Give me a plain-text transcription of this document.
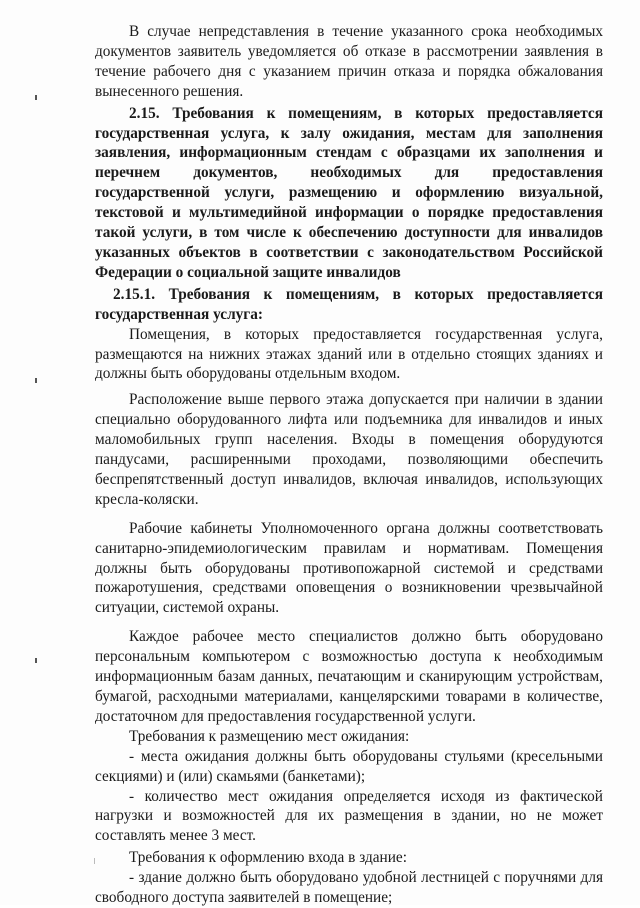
В случае непредставления в течение указанного срока необходимых документов заявитель уведомляется об отказе в рассмотрении заявления в течение рабочего дня с указанием причин отказа и порядка обжалования вынесенного решения.

2.15. Требования к помещениям, в которых предоставляется государственная услуга, к залу ожидания, местам для заполнения заявления, информационным стендам с образцами их заполнения и перечнем документов, необходимых для предоставления государственной услуги, размещению и оформлению визуальной, текстовой и мультимедийной информации о порядке предоставления такой услуги, в том числе к обеспечению доступности для инвалидов указанных объектов в соответствии с законодательством Российской Федерации о социальной защите инвалидов

2.15.1. Требования к помещениям, в которых предоставляется государственная услуга:

Помещения, в которых предоставляется государственная услуга, размещаются на нижних этажах зданий или в отдельно стоящих зданиях и должны быть оборудованы отдельным входом.

Расположение выше первого этажа допускается при наличии в здании специально оборудованного лифта или подъемника для инвалидов и иных маломобильных групп населения. Входы в помещения оборудуются пандусами, расширенными проходами, позволяющими обеспечить беспрепятственный доступ инвалидов, включая инвалидов, использующих кресла-коляски.

Рабочие кабинеты Уполномоченного органа должны соответствовать санитарно-эпидемиологическим правилам и нормативам. Помещения должны быть оборудованы противопожарной системой и средствами пожаротушения, средствами оповещения о возникновении чрезвычайной ситуации, системой охраны.

Каждое рабочее место специалистов должно быть оборудовано персональным компьютером с возможностью доступа к необходимым информационным базам данных, печатающим и сканирующим устройствам, бумагой, расходными материалами, канцелярскими товарами в количестве, достаточном для предоставления государственной услуги.

Требования к размещению мест ожидания:

- места ожидания должны быть оборудованы стульями (кресельными секциями) и (или) скамьями (банкетами);

- количество мест ожидания определяется исходя из фактической нагрузки и возможностей для их размещения в здании, но не может составлять менее 3 мест.

Требования к оформлению входа в здание:

- здание должно быть оборудовано удобной лестницей с поручнями для свободного доступа заявителей в помещение;
